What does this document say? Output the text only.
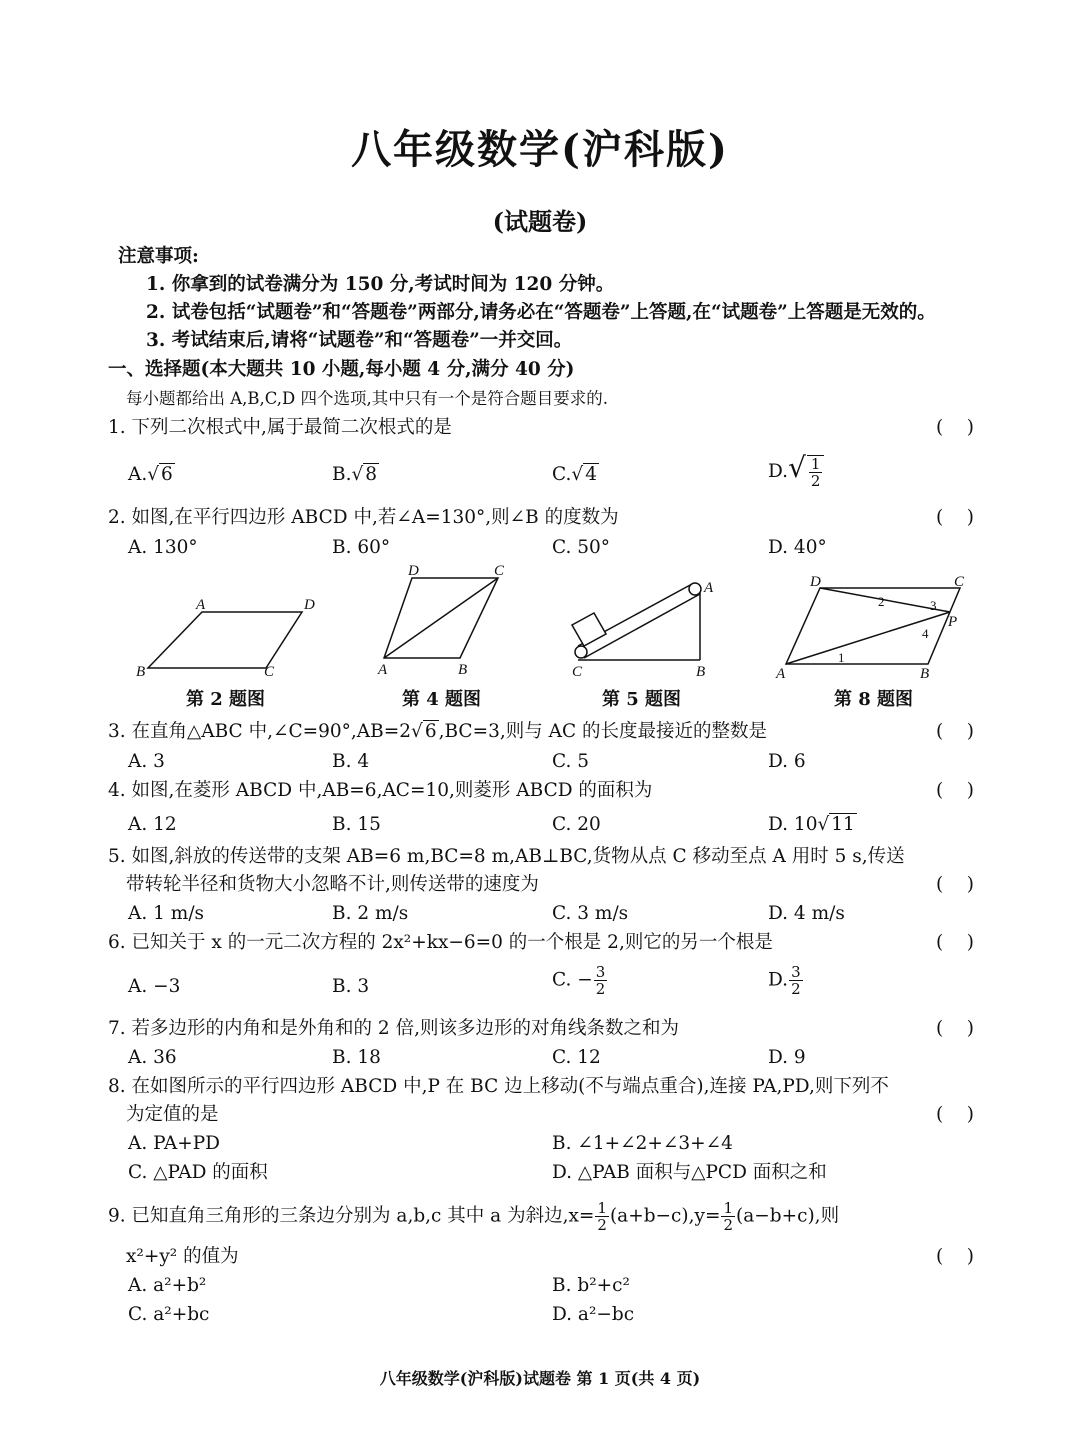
八年级数学(沪科版)
(试题卷)
注意事项:
1. 你拿到的试卷满分为 150 分,考试时间为 120 分钟。
2. 试卷包括“试题卷”和“答题卷”两部分,请务必在“答题卷”上答题,在“试题卷”上答题是无效的。
3. 考试结束后,请将“试题卷”和“答题卷”一并交回。
一、选择题(本大题共 10 小题,每小题 4 分,满分 40 分)
每小题都给出 A,B,C,D 四个选项,其中只有一个是符合题目要求的.
1. 下列二次根式中,属于最简二次根式的是	(    )
A.√ 6	B.√ 8	C.√ 4	$D.√ \frac{1}{2}$
2. 如图,在平行四边形 ABCD 中,若∠A=130°,则∠B 的度数为	(    )
A. 130°	B. 60°	C. 50°	D. 40°
A	D
B	C
第 2 题图
D	C
A	B
第 4 题图
A
C	B
第 5 题图
D	C
A	B
P
1
2	3
4
第 8 题图
3. 在直角△ABC 中,∠C=90°,AB=2√ 6 ,BC=3,则与 AC 的长度最接近的整数是	(    )
A. 3	B. 4	C. 5	D. 6
4. 如图,在菱形 ABCD 中,AB=6,AC=10,则菱形 ABCD 的面积为	(    )
A. 12	B. 15	C. 20	D. 10√ 11
5. 如图,斜放的传送带的支架 AB=6 m,BC=8 m,AB⊥BC,货物从点 C 移动至点 A 用时 5 s,传送
带转轮半径和货物大小忽略不计,则传送带的速度为	(    )
A. 1 m/s	B. 2 m/s	C. 3 m/s	D. 4 m/s
6. 已知关于 x 的一元二次方程的 2x²+kx−6=0 的一个根是 2,则它的另一个根是	(    )
A. −3	B. 3	C. − $\frac{3}{2}$	D. $\frac{3}{2}$
7. 若多边形的内角和是外角和的 2 倍,则该多边形的对角线条数之和为	(    )
A. 36	B. 18	C. 12	D. 9
8. 在如图所示的平行四边形 ABCD 中,P 在 BC 边上移动(不与端点重合),连接 PA,PD,则下列不
为定值的是	(    )
A. PA+PD	B. ∠1+∠2+∠3+∠4
C. △PAD 的面积	D. △PAB 面积与△PCD 面积之和
9. 已知直角三角形的三条边分别为 a,b,c 其中 a 为斜边$,x= \frac{1}{2} (a+b-c),y= \frac{1}{2} (a-b+c)$,则
x²+y² 的值为	(    )
A. a²+b²	B. b²+c²
C. a²+bc	D. a²−bc
八年级数学(沪科版)试题卷 第 1 页(共 4 页)
